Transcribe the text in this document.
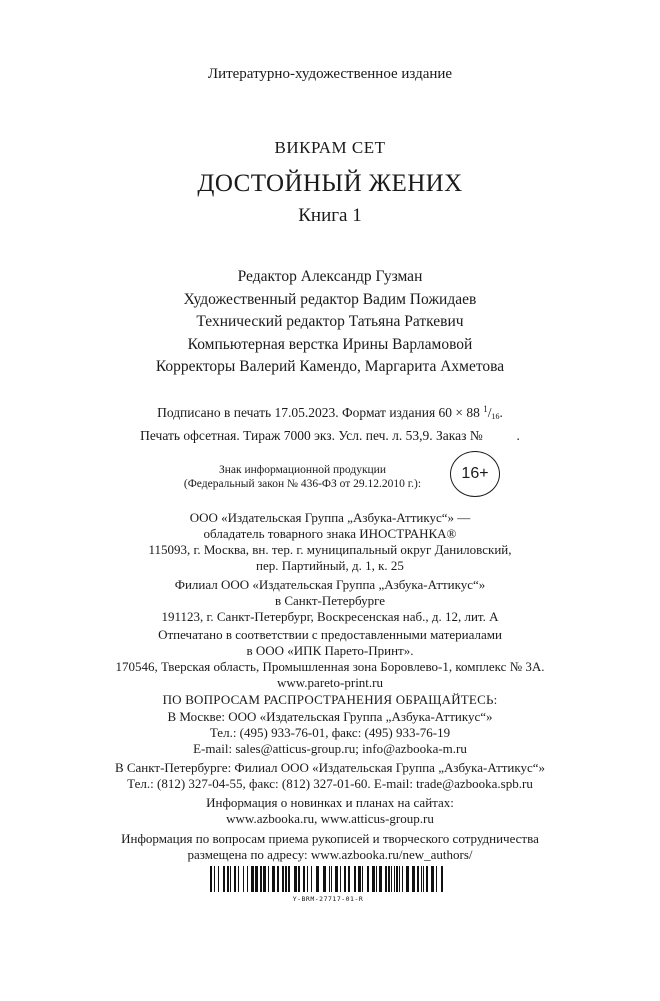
Литературно-художественное издание
ВИКРАМ СЕТ
ДОСТОЙНЫЙ ЖЕНИХ
Книга 1
Редактор Александр Гузман
Художественный редактор Вадим Пожидаев
Технический редактор Татьяна Раткевич
Компьютерная верстка Ирины Варламовой
Корректоры Валерий Камендо, Маргарита Ахметова
Подписано в печать 17.05.2023. Формат издания 60 × 88 $^1/_{16}$.
Печать офсетная. Тираж 7000 экз. Усл. печ. л. 53,9. Заказ №          .
Знак информационной продукции
(Федеральный закон № 436-ФЗ от 29.12.2010 г.):
16+
ООО «Издательская Группа „Азбука-Аттикус“» —
обладатель товарного знака ИНОСТРАНКА®
115093, г. Москва, вн. тер. г. муниципальный округ Даниловский,
пер. Партийный, д. 1, к. 25
Филиал ООО «Издательская Группа „Азбука-Аттикус“»
в Санкт-Петербурге
191123, г. Санкт-Петербург, Воскресенская наб., д. 12, лит. А
Отпечатано в соответствии с предоставленными материалами
в ООО «ИПК Парето-Принт».
170546, Тверская область, Промышленная зона Боровлево-1, комплекс № 3А.
www.pareto-print.ru
ПО ВОПРОСАМ РАСПРОСТРАНЕНИЯ ОБРАЩАЙТЕСЬ:
В Москве: ООО «Издательская Группа „Азбука-Аттикус“»
Тел.: (495) 933-76-01, факс: (495) 933-76-19
E-mail: sales@atticus-group.ru; info@azbooka-m.ru
В Санкт-Петербурге: Филиал ООО «Издательская Группа „Азбука-Аттикус“»
Тел.: (812) 327-04-55, факс: (812) 327-01-60. E-mail: trade@azbooka.spb.ru
Информация о новинках и планах на сайтах:
www.azbooka.ru, www.atticus-group.ru
Информация по вопросам приема рукописей и творческого сотрудничества
размещена по адресу: www.azbooka.ru/new_authors/
Y-BRM-27717-01-R
